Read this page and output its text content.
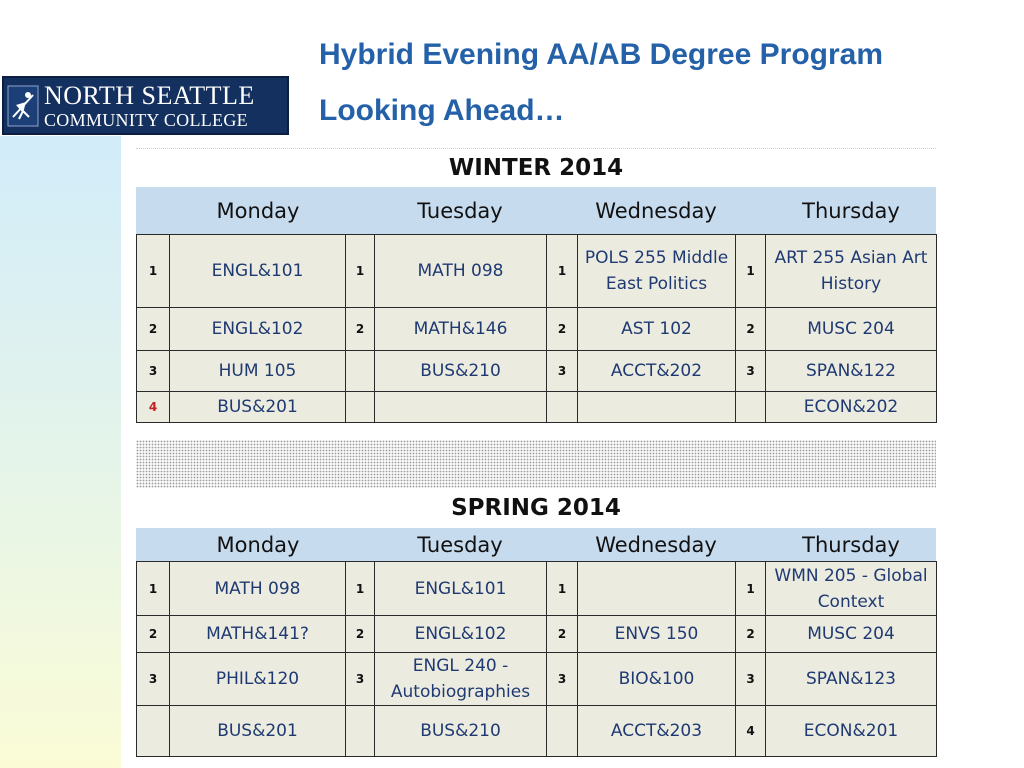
NORTH SEATTLE
COMMUNITY COLLEGE
Hybrid Evening AA/AB Degree Program
Looking Ahead…
WINTER 2014
Monday	Tuesday	Wednesday	Thursday
1	ENGL&101	1	MATH 098	1	POLS 255 Middle East Politics	1	ART 255 Asian Art History
2	ENGL&102	2	MATH&146	2	AST 102	2	MUSC 204
3	HUM 105		BUS&210	3	ACCT&202	3	SPAN&122
4	BUS&201						ECON&202
SPRING 2014
Monday	Tuesday	Wednesday	Thursday
1	MATH 098	1	ENGL&101	1		1	WMN 205 - Global Context
2	MATH&141?	2	ENGL&102	2	ENVS 150	2	MUSC 204
3	PHIL&120	3	ENGL 240 - Autobiographies	3	BIO&100	3	SPAN&123
	BUS&201		BUS&210		ACCT&203	4	ECON&201
